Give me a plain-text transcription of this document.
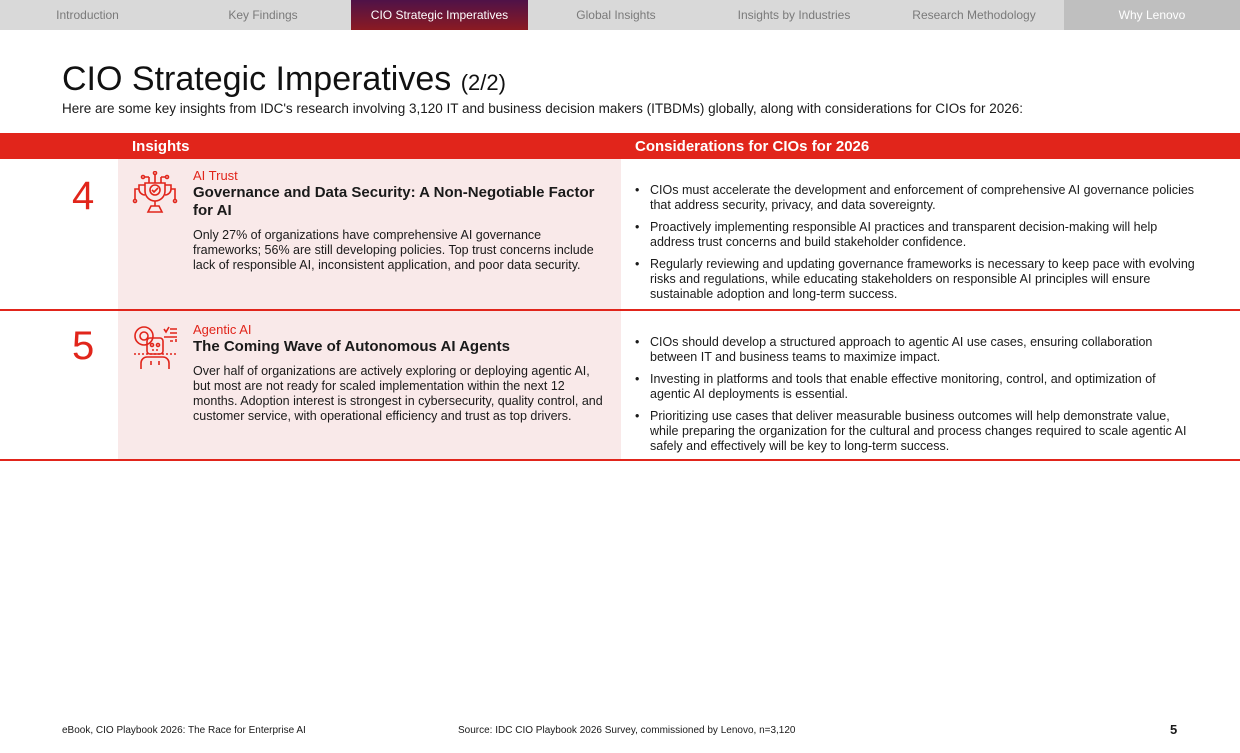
Introduction	Key Findings	CIO Strategic Imperatives	Global Insights	Insights by Industries	Research Methodology	Why Lenovo
CIO Strategic Imperatives (2/2)
Here are some key insights from IDC's research involving 3,120 IT and business decision makers (ITBDMs) globally, along with considerations for CIOs for 2026:
Insights	Considerations for CIOs for 2026
4	AI Trust
Governance and Data Security: A Non-Negotiable Factor for AI
Only 27% of organizations have comprehensive AI governance frameworks; 56% are still developing policies. Top trust concerns include lack of responsible AI, inconsistent application, and poor data security.
• CIOs must accelerate the development and enforcement of comprehensive AI governance policies that address security, privacy, and data sovereignty.
• Proactively implementing responsible AI practices and transparent decision-making will help address trust concerns and build stakeholder confidence.
• Regularly reviewing and updating governance frameworks is necessary to keep pace with evolving risks and regulations, while educating stakeholders on responsible AI principles will ensure sustainable adoption and long-term success.
5	Agentic AI
The Coming Wave of Autonomous AI Agents
Over half of organizations are actively exploring or deploying agentic AI, but most are not ready for scaled implementation within the next 12 months. Adoption interest is strongest in cybersecurity, quality control, and customer service, with operational efficiency and trust as top drivers.
• CIOs should develop a structured approach to agentic AI use cases, ensuring collaboration between IT and business teams to maximize impact.
• Investing in platforms and tools that enable effective monitoring, control, and optimization of agentic AI deployments is essential.
• Prioritizing use cases that deliver measurable business outcomes will help demonstrate value, while preparing the organization for the cultural and process changes required to scale agentic AI safely and effectively will be key to long-term success.
eBook, CIO Playbook 2026: The Race for Enterprise AI	Source: IDC CIO Playbook 2026 Survey, commissioned by Lenovo, n=3,120	5
